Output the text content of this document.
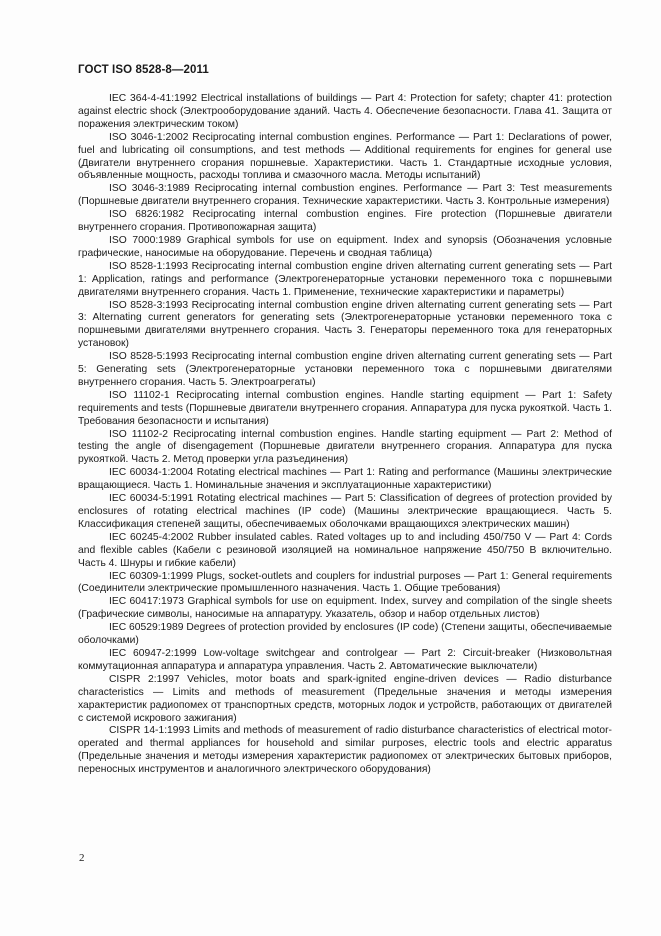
ГОСТ ISO 8528-8—2011

IEC 364-4-41:1992 Electrical installations of buildings — Part 4: Protection for safety; chapter 41: protection against electric shock (Электрооборудование зданий. Часть 4. Обеспечение безопасности. Глава 41. Защита от поражения электрическим током)

ISO 3046-1:2002 Reciprocating internal combustion engines. Performance — Part 1: Declarations of power, fuel and lubricating oil consumptions, and test methods — Additional requirements for engines for general use (Двигатели внутреннего сгорания поршневые. Характеристики. Часть 1. Стандартные исходные условия, объявленные мощность, расходы топлива и смазочного масла. Методы испытаний)

ISO 3046-3:1989 Reciprocating internal combustion engines. Performance — Part 3: Test measurements (Поршневые двигатели внутреннего сгорания. Технические характеристики. Часть 3. Контрольные измерения)

ISO 6826:1982 Reciprocating internal combustion engines. Fire protection (Поршневые двигатели внутреннего сгорания. Противопожарная защита)

ISO 7000:1989 Graphical symbols for use on equipment. Index and synopsis (Обозначения условные графические, наносимые на оборудование. Перечень и сводная таблица)

ISO 8528-1:1993 Reciprocating internal combustion engine driven alternating current generating sets — Part 1: Application, ratings and performance (Электрогенераторные установки переменного тока с поршневыми двигателями внутреннего сгорания. Часть 1. Применение, технические характеристики и параметры)

ISO 8528-3:1993 Reciprocating internal combustion engine driven alternating current generating sets — Part 3: Alternating current generators for generating sets (Электрогенераторные установки переменного тока с поршневыми двигателями внутреннего сгорания. Часть 3. Генераторы переменного тока для генераторных установок)

ISO 8528-5:1993 Reciprocating internal combustion engine driven alternating current generating sets — Part 5: Generating sets (Электрогенераторные установки переменного тока с поршневыми двигателями внутреннего сгорания. Часть 5. Электроагрегаты)

ISO 11102-1 Reciprocating internal combustion engines. Handle starting equipment — Part 1: Safety requirements and tests (Поршневые двигатели внутреннего сгорания. Аппаратура для пуска рукояткой. Часть 1. Требования безопасности и испытания)

ISO 11102-2 Reciprocating internal combustion engines. Handle starting equipment — Part 2: Method of testing the angle of disengagement (Поршневые двигатели внутреннего сгорания. Аппаратура для пуска рукояткой. Часть 2. Метод проверки угла разъединения)

IEC 60034-1:2004 Rotating electrical machines — Part 1: Rating and performance (Машины электрические вращающиеся. Часть 1. Номинальные значения и эксплуатационные характеристики)

IEC 60034-5:1991 Rotating electrical machines — Part 5: Classification of degrees of protection provided by enclosures of rotating electrical machines (IP code) (Машины электрические вращающиеся. Часть 5. Классификация степеней защиты, обеспечиваемых оболочками вращающихся электрических машин)

IEC 60245-4:2002 Rubber insulated cables. Rated voltages up to and including 450/750 V — Part 4: Cords and flexible cables (Кабели с резиновой изоляцией на номинальное напряжение 450/750 В включительно. Часть 4. Шнуры и гибкие кабели)

IEC 60309-1:1999 Plugs, socket-outlets and couplers for industrial purposes — Part 1: General requirements (Соединители электрические промышленного назначения. Часть 1. Общие требования)

IEC 60417:1973 Graphical symbols for use on equipment. Index, survey and compilation of the single sheets (Графические символы, наносимые на аппаратуру. Указатель, обзор и набор отдельных листов)

IEC 60529:1989 Degrees of protection provided by enclosures (IP code) (Степени защиты, обеспечиваемые оболочками)

IEC 60947-2:1999 Low-voltage switchgear and controlgear — Part 2: Circuit-breaker (Низковольтная коммутационная аппаратура и аппаратура управления. Часть 2. Автоматические выключатели)

CISPR 2:1997 Vehicles, motor boats and spark-ignited engine-driven devices — Radio disturbance characteristics — Limits and methods of measurement (Предельные значения и методы измерения характеристик радиопомех от транспортных средств, моторных лодок и устройств, работающих от двигателей с системой искрового зажигания)

CISPR 14-1:1993 Limits and methods of measurement of radio disturbance characteristics of electrical motor-operated and thermal appliances for household and similar purposes, electric tools and electric apparatus (Предельные значения и методы измерения характеристик радиопомех от электрических бытовых приборов, переносных инструментов и аналогичного электрического оборудования)

2
